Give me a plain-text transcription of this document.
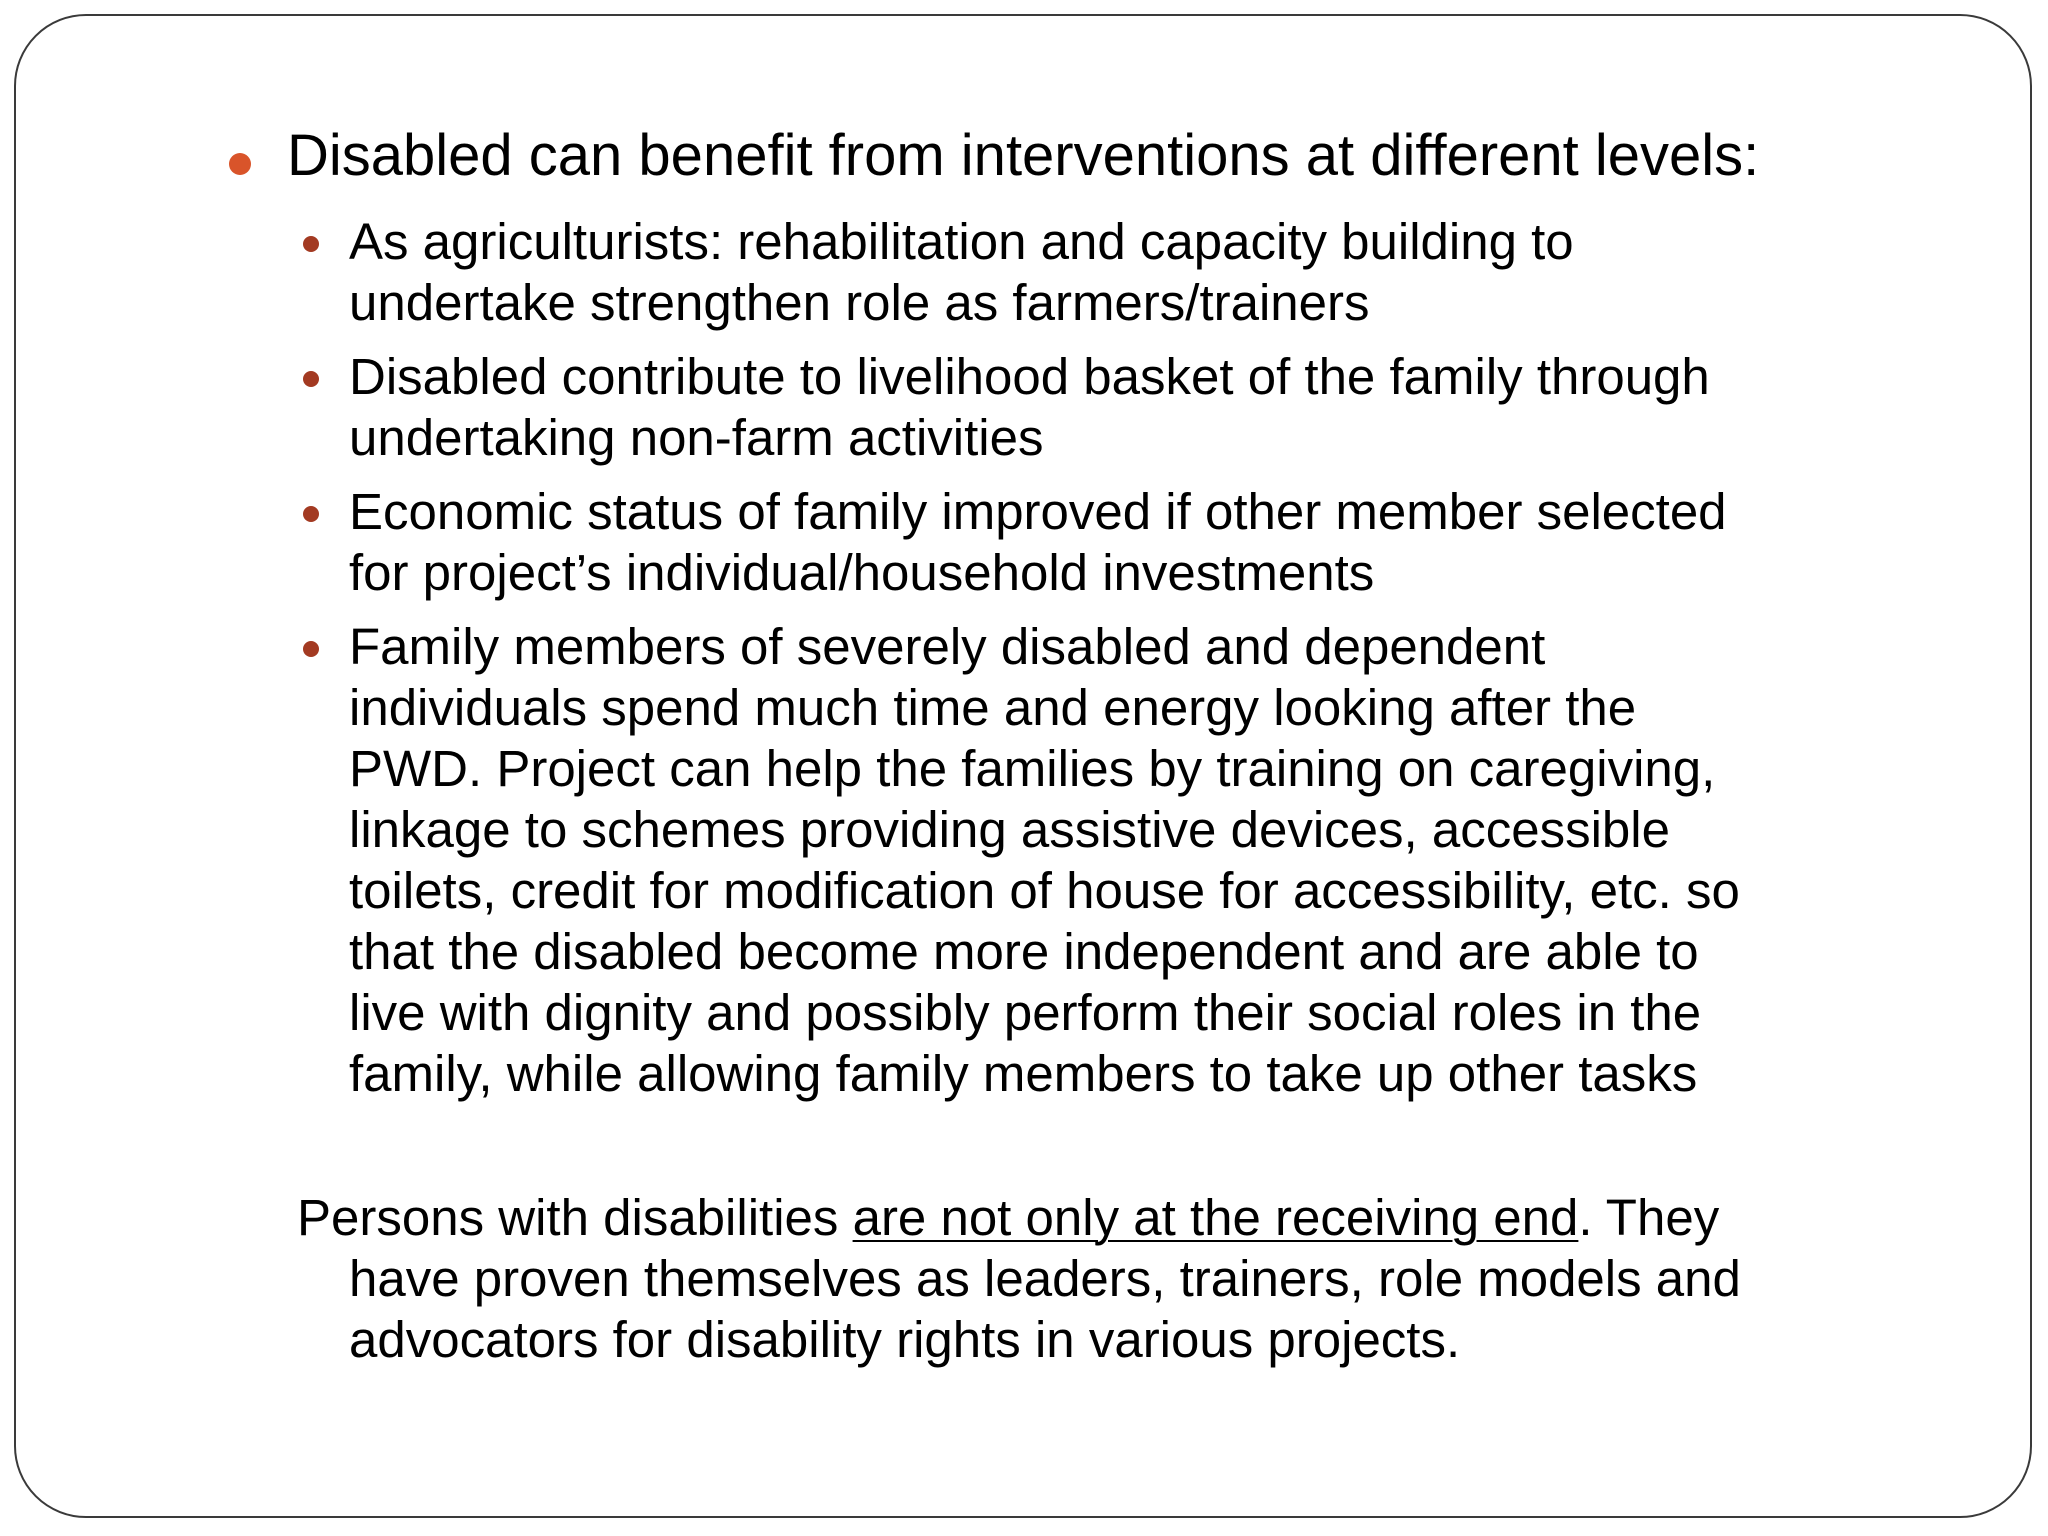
Disabled can benefit from interventions at different levels:
As agriculturists: rehabilitation and capacity building to
undertake strengthen role as farmers/trainers
Disabled contribute to livelihood basket of the family through
undertaking non-farm activities
Economic status of family improved if other member selected
for project’s individual/household investments
Family members of severely disabled and dependent
individuals spend much time and energy looking after the
PWD. Project can help the families by training on caregiving,
linkage to schemes providing assistive devices, accessible
toilets, credit for modification of house for accessibility, etc. so
that the disabled become more independent and are able to
live with dignity and possibly perform their social roles in the
family, while allowing family members to take up other tasks
Persons with disabilities are not only at the receiving end. They
have proven themselves as leaders, trainers, role models and
advocators for disability rights in various projects.
